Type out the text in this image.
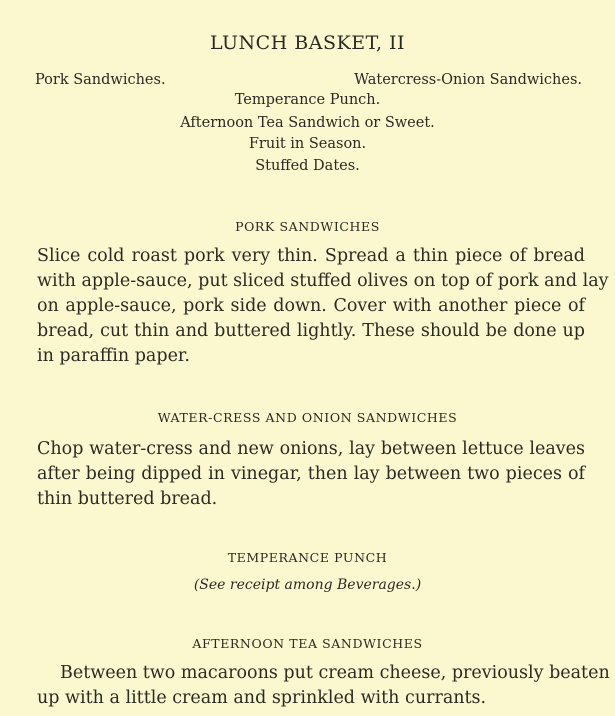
LUNCH BASKET, II
Pork Sandwiches.	Watercress-Onion Sandwiches.
Temperance Punch.
Afternoon Tea Sandwich or Sweet.
Fruit in Season.
Stuffed Dates.
PORK SANDWICHES
Slice cold roast pork very thin. Spread a thin piece of bread
with apple-sauce, put sliced stuffed olives on top of pork and lay
on apple-sauce, pork side down. Cover with another piece of
bread, cut thin and buttered lightly. These should be done up
in paraffin paper.
WATER-CRESS AND ONION SANDWICHES
Chop water-cress and new onions, lay between lettuce leaves
after being dipped in vinegar, then lay between two pieces of
thin buttered bread.
TEMPERANCE PUNCH
(See receipt among Beverages.)
AFTERNOON TEA SANDWICHES
Between two macaroons put cream cheese, previously beaten
up with a little cream and sprinkled with currants.
